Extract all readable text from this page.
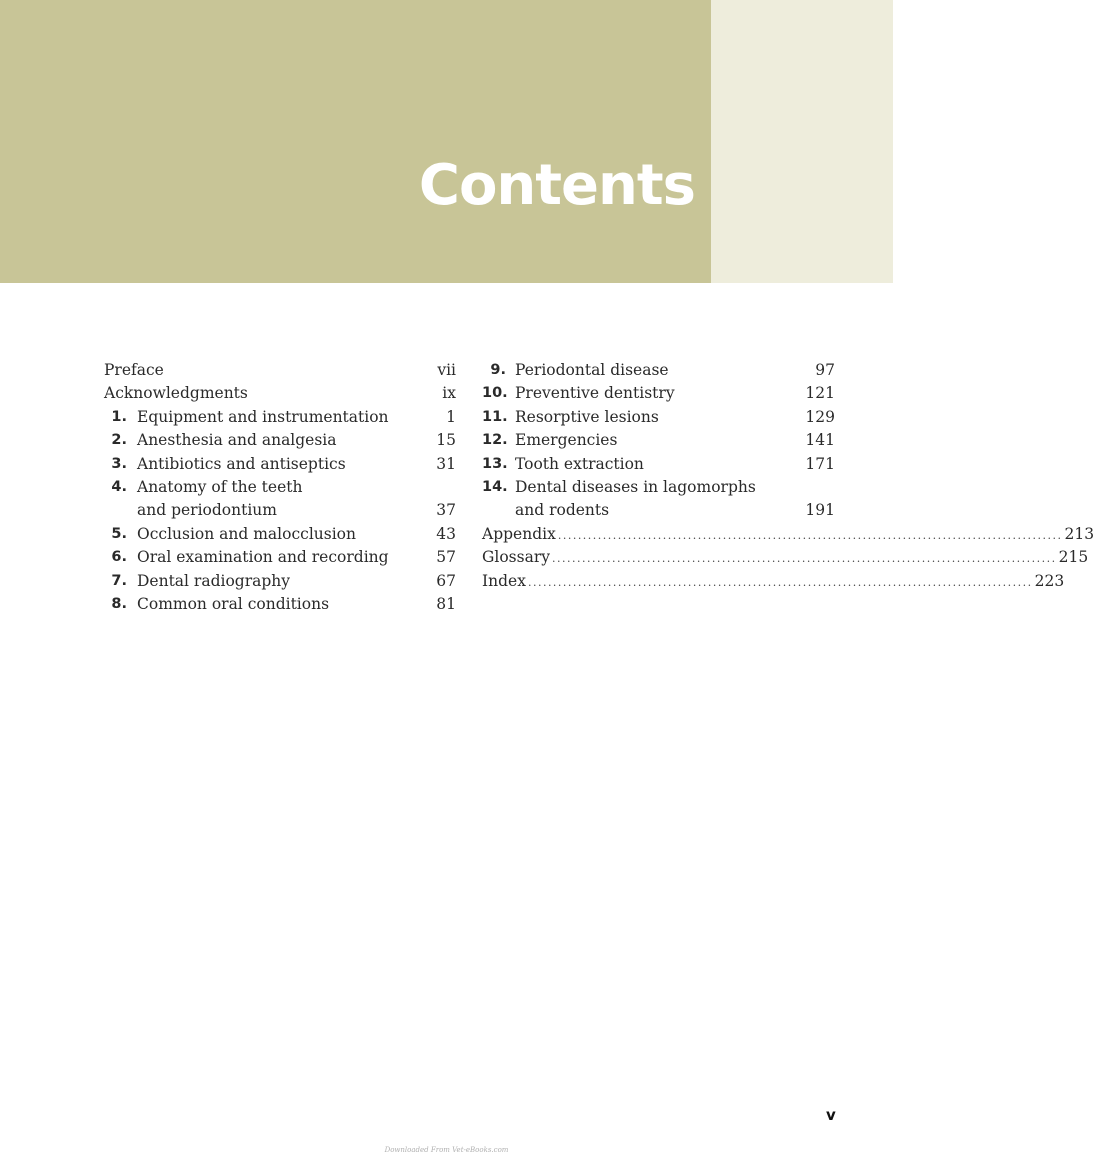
Contents
Preface	vii
Acknowledgments	ix
1. Equipment and instrumentation	1
2. Anesthesia and analgesia	15
3. Antibiotics and antiseptics	31
4. Anatomy of the teeth
and periodontium	37
5. Occlusion and malocclusion	43
6. Oral examination and recording	57
7. Dental radiography	67
8. Common oral conditions	81
9. Periodontal disease	97
10. Preventive dentistry	121
11. Resorptive lesions	129
12. Emergencies	141
13. Tooth extraction	171
14. Dental diseases in lagomorphs
and rodents	191
Appendix ..................................................................................................... 213
Glossary ..................................................................................................... 215
Index ..................................................................................................... 223
v
Downloaded From Vet-eBooks.com
